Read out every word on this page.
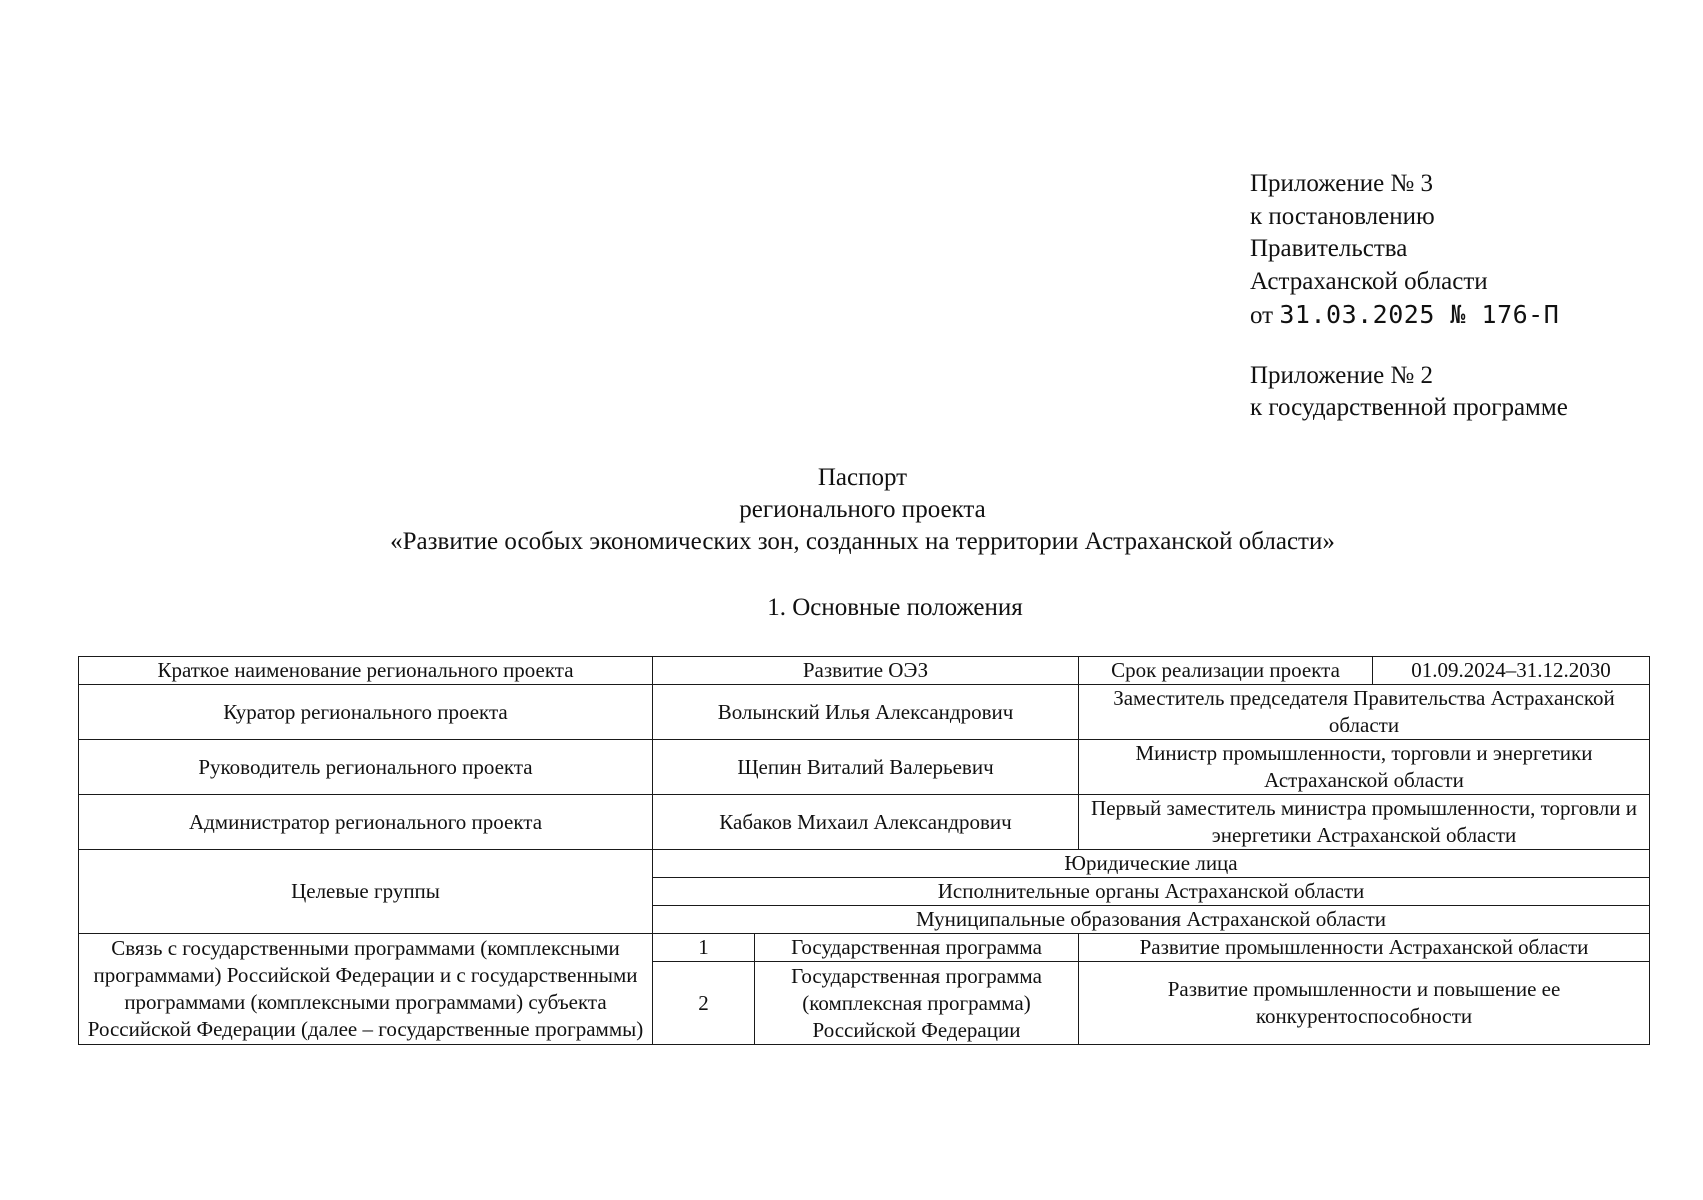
Приложение № 3
к постановлению
Правительства
Астраханской области
от 31.03.2025 № 176-П
Приложение № 2
к государственной программе
Паспорт
регионального проекта
«Развитие особых экономических зон, созданных на территории Астраханской области»
1. Основные положения
Краткое наименование регионального проекта	Развитие ОЭЗ		Срок реализации проекта	01.09.2024–31.12.2030
Куратор регионального проекта	Волынский Илья Александрович		Заместитель председателя Правительства Астраханской области	
Руководитель регионального проекта	Щепин Виталий Валерьевич		Министр промышленности, торговли и энергетики Астраханской области	
Администратор регионального проекта	Кабаков Михаил Александрович		Первый заместитель министра промышленности, торговли и энергетики Астраханской области	
Целевые группы	Юридические лица			
	Исполнительные органы Астраханской области			
	Муниципальные образования Астраханской области			
Связь с государственными программами (комплексными программами) Российской Федерации и с государственными программами (комплексными программами) субъекта Российской Федерации (далее – государственные программы)	1	Государственная программа	Развитие промышленности Астраханской области	
	2	Государственная программа (комплексная программа) Российской Федерации	Развитие промышленности и повышение ее конкурентоспособности	
